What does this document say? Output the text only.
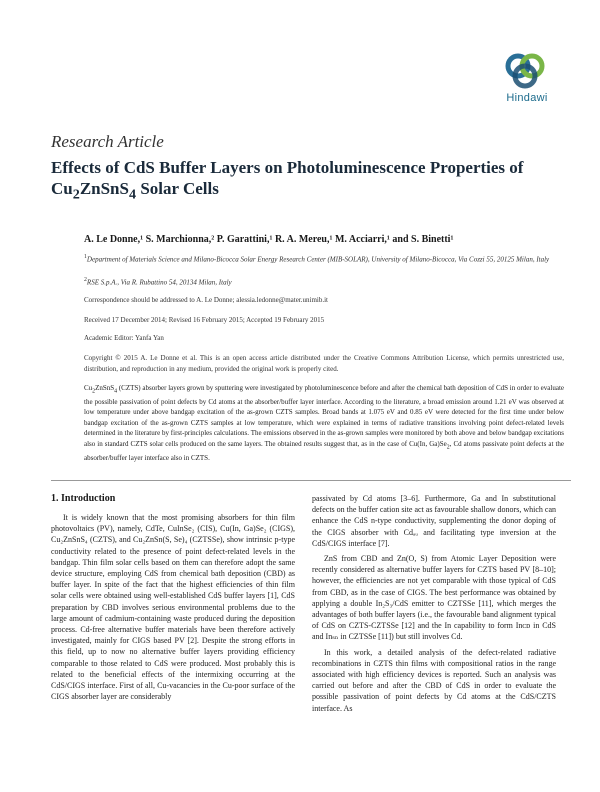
Hindawi
Research Article
Effects of CdS Buffer Layers on Photoluminescence Properties of
$Cu_2ZnSnS_4$ Solar Cells
A. Le Donne,¹ S. Marchionna,² P. Garattini,¹ R. A. Mereu,¹ M. Acciarri,¹ and S. Binetti¹
$^1$Department of Materials Science and Milano-Bicocca Solar Energy Research Center (MIB-SOLAR), University of Milano-Bicocca, Via Cozzi 55, 20125 Milan, Italy
$^2$RSE S.p.A., Via R. Rubattino 54, 20134 Milan, Italy
Correspondence should be addressed to A. Le Donne; alessia.ledonne@mater.unimib.it
Received 17 December 2014; Revised 16 February 2015; Accepted 19 February 2015
Academic Editor: Yanfa Yan
Copyright © 2015 A. Le Donne et al. This is an open access article distributed under the Creative Commons Attribution License, which permits unrestricted use, distribution, and reproduction in any medium, provided the original work is properly cited.
$Cu_2ZnSnS_4$ (CZTS) absorber layers grown by sputtering were investigated by photoluminescence before and after the chemical bath deposition of CdS in order to evaluate the possible passivation of point defects by Cd atoms at the absorber/buffer layer interface. According to the literature, a broad emission around 1.21 eV was observed at low temperature under above bandgap excitation of the as-grown CZTS samples. Broad bands at 1.075 eV and 0.85 eV were detected for the first time under below bandgap excitation of the as-grown CZTS samples at low temperature, which were explained in terms of radiative transitions involving point defect-related levels determined in the literature by first-principles calculations. The emissions observed in the as-grown samples were monitored by both above and below bandgap excitations also in standard CZTS solar cells produced on the same layers. The obtained results suggest that, as in the case of Cu(In, $Ga)Se_2$, Cd atoms passivate point defects at the absorber/buffer layer interface also in CZTS.
1. Introduction

It is widely known that the most promising absorbers for thin film photovoltaics (PV), namely, CdTe, CuInSe₂ (CIS), Cu(In, Ga)Se₂ (CIGS), Cu₂ZnSnS₄ (CZTS), and Cu₂ZnSn(S, Se)₄ (CZTSSe), show intrinsic p-type conductivity related to the presence of point defect-related levels in the bandgap. Thin film solar cells based on them can therefore adopt the same device structure, employing CdS from chemical bath deposition (CBD) as buffer layer. In spite of the fact that the highest efficiencies of thin film solar cells were obtained using well-established CdS buffer layers [1], CdS preparation by CBD involves serious environmental problems due to the large amount of cadmium-containing waste produced during the deposition process. Cd-free alternative buffer materials have been therefore actively investigated, mainly for CIGS based PV [2]. Despite the strong efforts in this field, up to now no alternative buffer layers providing efficiency comparable to those related to CdS were produced. Most probably this is related to the beneficial effects of the intermixing occurring at the CdS/CIGS interface. First of all, Cu-vacancies in the Cu-poor surface of the CIGS absorber layer are considerably

passivated by Cd atoms [3–6]. Furthermore, Ga and In substitutional defects on the buffer cation site act as favourable shallow donors, which can enhance the CdS n-type conductivity, supplementing the donor doping of the CIGS absorber with Cdₐᵤ and facilitating type inversion at the CdS/CIGS interface [7].

ZnS from CBD and Zn(O, S) from Atomic Layer Deposition were recently considered as alternative buffer layers for CZTS based PV [8–10]; however, the efficiencies are not yet comparable with those typical of CdS from CBD, as in the case of CIGS. The best performance was obtained by applying a double In₂S₃/CdS emitter to CZTSSe [11], which merges the advantages of both buffer layers (i.e., the favourable band alignment typical of CdS on CZTS-CZTSSe [12] and the In capability to form Inᴄᴅ in CdS and Inₛₙ in CZTSSe [11]) but still involves Cd.

In this work, a detailed analysis of the defect-related radiative recombinations in CZTS thin films with compositional ratios in the range associated with high efficiency devices is reported. Such an analysis was carried out before and after the CBD of CdS in order to evaluate the possible passivation of point defects by Cd atoms at the CdS/CZTS interface. As
